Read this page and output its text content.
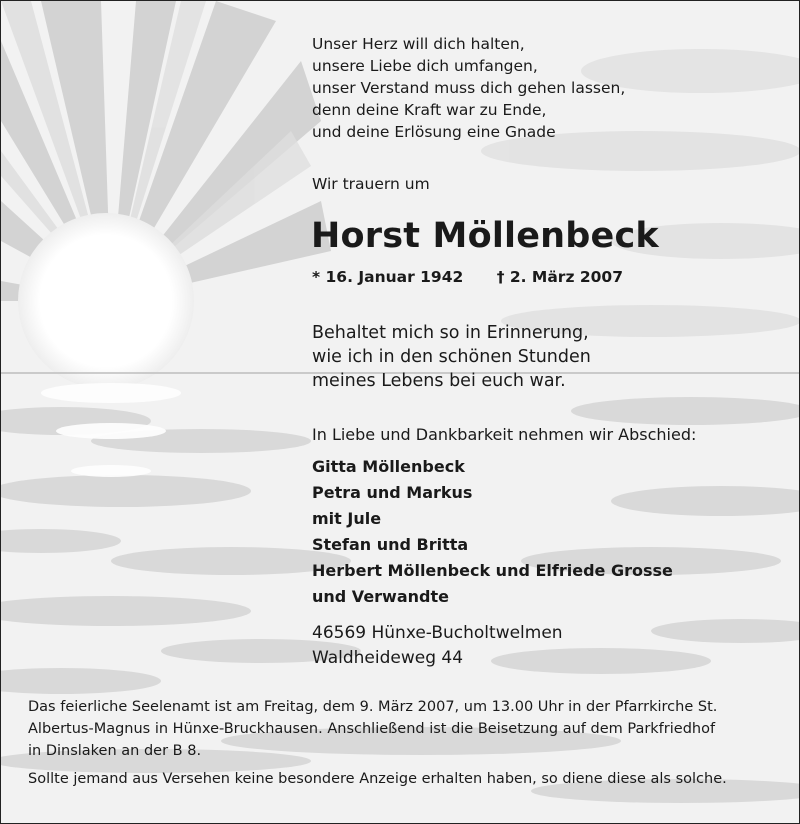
Unser Herz will dich halten,
unsere Liebe dich umfangen,
unser Verstand muss dich gehen lassen,
denn deine Kraft war zu Ende,
und deine Erlösung eine Gnade
Wir trauern um
Horst Möllenbeck
* 16. Januar 1942 † 2. März 2007
Behaltet mich so in Erinnerung,
wie ich in den schönen Stunden
meines Lebens bei euch war.
In Liebe und Dankbarkeit nehmen wir Abschied:
Gitta Möllenbeck
Petra und Markus
mit Jule
Stefan und Britta
Herbert Möllenbeck und Elfriede Grosse
und Verwandte
46569 Hünxe-Bucholtwelmen
Waldheideweg 44
Das feierliche Seelenamt ist am Freitag, dem 9. März 2007, um 13.00 Uhr in der Pfarrkirche St.
Albertus-Magnus in Hünxe-Bruckhausen. Anschließend ist die Beisetzung auf dem Parkfriedhof
in Dinslaken an der B 8.
Sollte jemand aus Versehen keine besondere Anzeige erhalten haben, so diene diese als solche.
